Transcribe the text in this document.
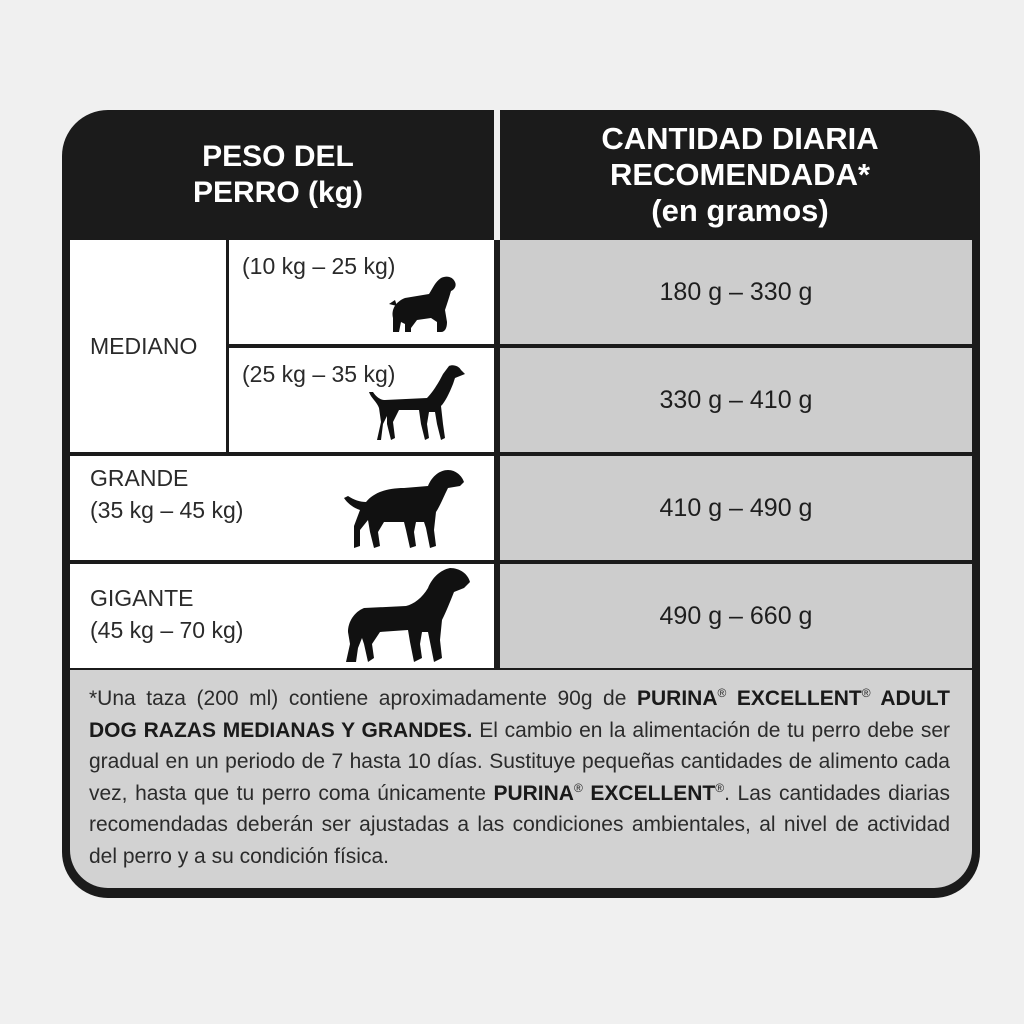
PESO DEL
PERRO (kg)
CANTIDAD DIARIA
RECOMENDADA*
(en gramos)
MEDIANO
(10 kg – 25 kg)
180 g – 330 g
(25 kg – 35 kg)
330 g – 410 g
GRANDE
(35 kg – 45 kg)	410 g – 490 g
GIGANTE
(45 kg – 70 kg)
490 g – 660 g
*Una taza (200 ml) contiene aproximadamente 90g de PURINA® EXCELLENT® ADULT DOG RAZAS MEDIANAS Y GRANDES. El cambio en la alimentación de tu perro debe ser gradual en un periodo de 7 hasta 10 días. Sustituye pequeñas cantidades de alimento cada vez, hasta que tu perro coma únicamente PURINA® EXCELLENT®. Las cantidades diarias recomendadas deberán ser ajustadas a las condiciones ambientales, al nivel de actividad del perro y a su condición física.
